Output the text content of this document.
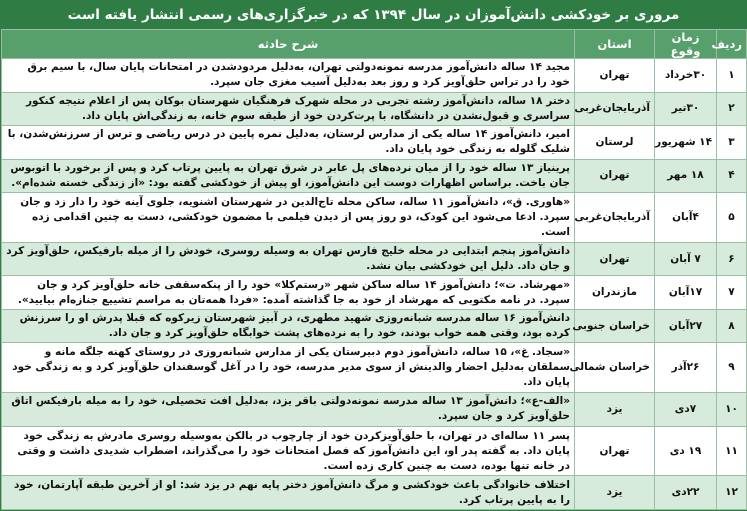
مروری بر خودکشی دانش‌آموزان در سال ۱۳۹۴ که در خبرگزاری‌های رسمی انتشار یافته است
ردیف	زمان وقوع	استان	شرح حادثه
۱	۳۰خرداد	تهران	مجید ۱۴ ساله دانش‌آموز مدرسه نمونه‌دولتی تهران، به‌دلیل مردودشدن در امتحانات پایان سال، با سیم برق خود را در تراس حلق‌آویز کرد و روز بعد به‌دلیل آسیب مغزی جان سپرد.
۲	۳۰تیر	آذربایجان‌غربی	دختر ۱۸ ساله، دانش‌آموز رشته تجربی در محله شهرک فرهنگیان شهرستان بوکان پس از اعلام نتیجه کنکور سراسری و قبول‌نشدن در دانشگاه، با پرت‌کردن خود از طبقه سوم خانه، به زندگی‌اش پایان داد.
۳	۱۴ شهریور	لرستان	امیر، دانش‌آموز ۱۴ ساله یکی از مدارس لرستان، به‌دلیل نمره پایین در درس ریاضی و ترس از سرزنش‌شدن، با شلیک گلوله به زندگی خود پایان داد.
۴	۱۸ مهر	تهران	پرینیاز ۱۳ ساله خود را از میان نرده‌های پل عابر در شرق تهران به پایین پرتاب کرد و پس از برخورد با اتوبوس جان باخت. براساس اظهارات دوست این دانش‌آموز، او پیش از خودکشی گفته بود: «از زندگی خسته شده‌ام».
۵	۴آبان	آذربایجان‌غربی	«هاوری. ق»، دانش‌آموز ۱۱ ساله، ساکن محله تاج‌الدین در شهرستان اشنویه، جلوی آینه خود را دار زد و جان سپرد. ادعا می‌شود این کودک، دو روز پس از دیدن فیلمی با مضمون خودکشی، دست به چنین اقدامی زده است.
۶	۷ آبان	تهران	دانش‌آموز پنجم ابتدایی در محله خلیج فارس تهران به وسیله روسری، خودش را از میله بارفیکس، حلق‌آویز کرد و جان داد. دلیل این خودکشی بیان نشد.
۷	۱۷آبان	مازندران	«مهرشاد. ت»؛ دانش‌آموز ۱۴ ساله ساکن شهر «رستم‌کلا» خود را از پنکه‌سقفی خانه حلق‌آویز کرد و جان سپرد. در نامه مکتوبی که مهرشاد از خود به جا گذاشته آمده: «فردا همه‌تان به مراسم تشییع جنازه‌ام بیایید».
۸	۲۷آبان	خراسان جنوبی	دانش‌آموز ۱۶ ساله مدرسه شبانه‌روزی شهید مطهری، در آبیز شهرستان زیرکوه که قبلا پدرش او را سرزنش کرده بود، وقتی همه خواب بودند، خود را به نرده‌های پشت خوابگاه حلق‌آویز کرد و جان داد.
۹	۲۶آذر	خراسان شمالی	«سجاد. غ»، ۱۵ ساله، دانش‌آموز دوم دبیرستان یکی از مدارس شبانه‌روزی در روستای کهنه جلگه مانه و سملقان به‌دلیل احضار والدینش از سوی مدیر مدرسه، خود را در آغل گوسفندان حلق‌آویز کرد و به زندگی خود پایان داد.
۱۰	۷دی	یزد	«الف-ع»؛ دانش‌آموز ۱۳ ساله مدرسه نمونه‌دولتی باقر یزد، به‌دلیل افت تحصیلی، خود را به میله بارفیکس اتاق حلق‌آویز کرد و جان سپرد.
۱۱	۱۹ دی	تهران	پسر ۱۱ ساله‌ای در تهران، با حلق‌آویزکردن خود از چارچوب در بالکن به‌وسیله روسری مادرش به زندگی خود پایان داد. به گفته پدر او، این دانش‌آموز که فصل امتحانات خود را می‌گذراند، اضطراب شدیدی داشت و وقتی در خانه تنها بوده، دست به چنین کاری زده است.
۱۲	۲۲دی	یزد	اختلاف خانوادگی باعث خودکشی و مرگ دانش‌آموز دختر پایه نهم در یزد شد: او از آخرین طبقه آپارتمان، خود را به پایین پرتاب کرد.
